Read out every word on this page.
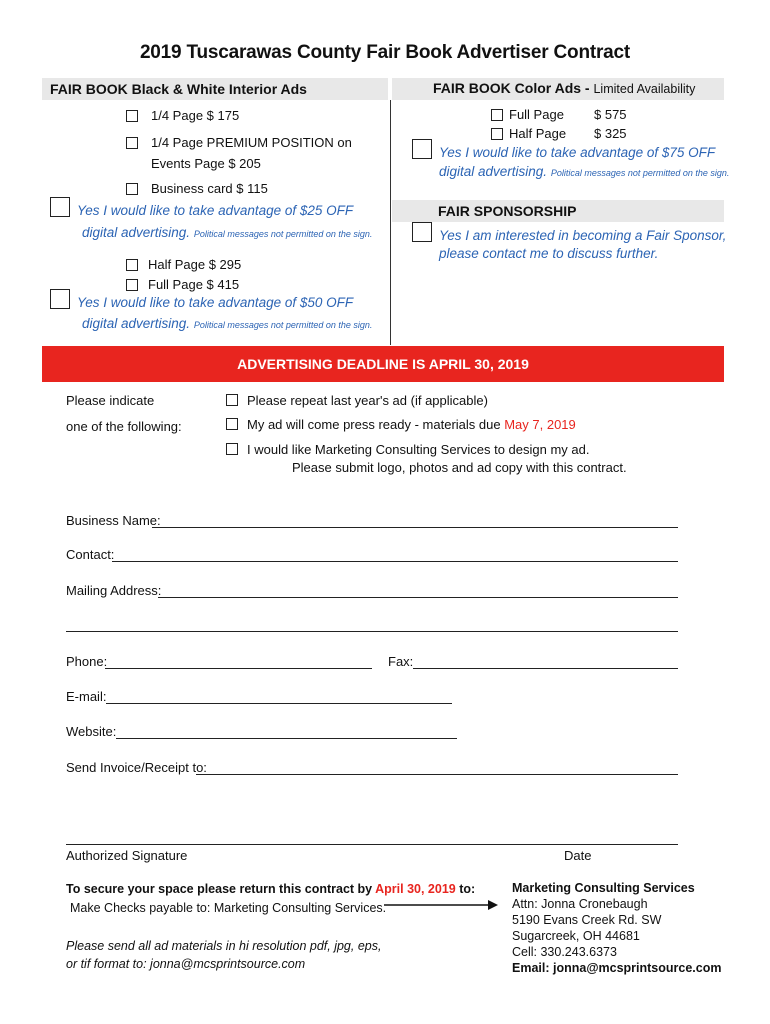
2019 Tuscarawas County Fair Book Advertiser Contract
FAIR BOOK Black & White Interior Ads	FAIR BOOK Color Ads - Limited Availability
1/4 Page $ 175
1/4 Page PREMIUM POSITION on
Events Page $ 205
Business card $ 115
Yes I would like to take advantage of $25 OFF
digital advertising. Political messages not permitted on the sign.
Half Page $ 295
Full Page $ 415
Yes I would like to take advantage of $50 OFF
digital advertising. Political messages not permitted on the sign.
Full Page $ 575
Half Page $ 325
Yes I would like to take advantage of $75 OFF
digital advertising. Political messages not permitted on the sign.
FAIR SPONSORSHIP
Yes I am interested in becoming a Fair Sponsor,
please contact me to discuss further.
ADVERTISING DEADLINE IS APRIL 30, 2019
Please indicate
one of the following:
Please repeat last year's ad (if applicable)
My ad will come press ready - materials due May 7, 2019
I would like Marketing Consulting Services to design my ad.
Please submit logo, photos and ad copy with this contract.
Business Name:
Contact:
Mailing Address:
Phone:	Fax:
E-mail:
Website:
Send Invoice/Receipt to:
Authorized Signature	Date
To secure your space please return this contract by April 30, 2019 to:
Make Checks payable to: Marketing Consulting Services.
Please send all ad materials in hi resolution pdf, jpg, eps,
or tif format to: jonna@mcsprintsource.com
Marketing Consulting Services
Attn: Jonna Cronebaugh
5190 Evans Creek Rd. SW
Sugarcreek, OH 44681
Cell: 330.243.6373
Email: jonna@mcsprintsource.com
